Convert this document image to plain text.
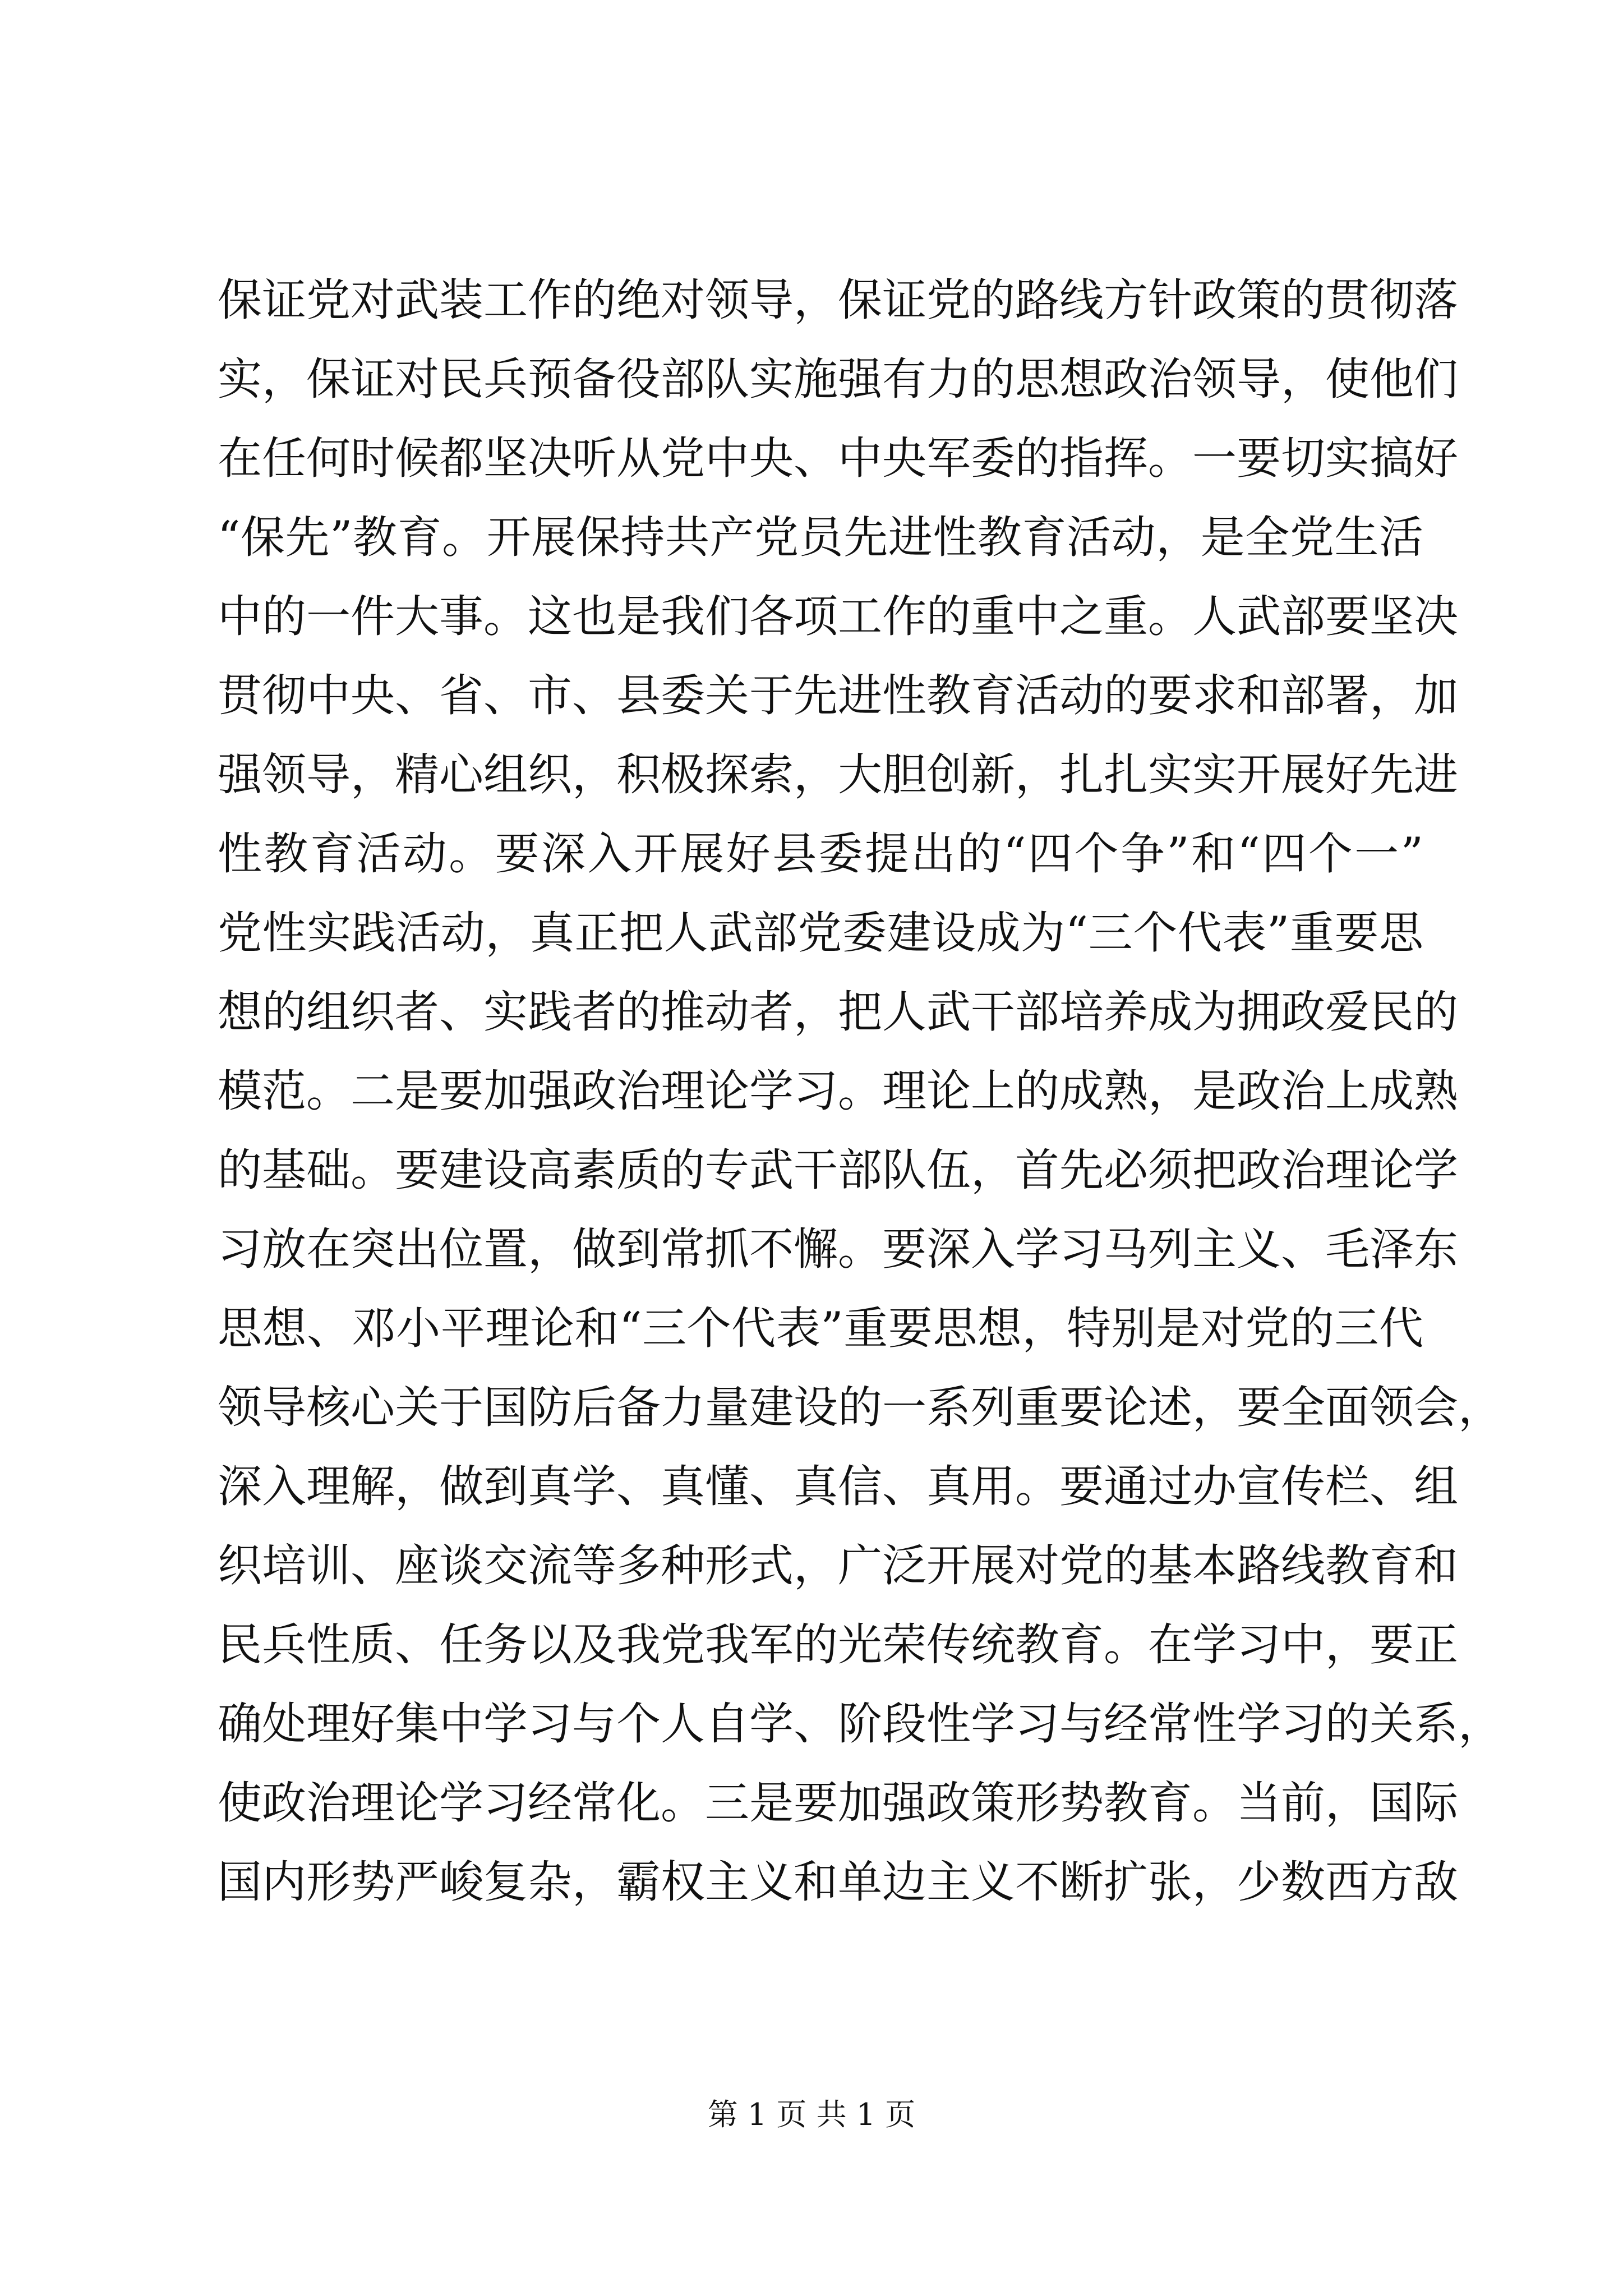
保证党对武装工作的绝对领导，保证党的路线方针政策的贯彻落
实，保证对民兵预备役部队实施强有力的思想政治领导，使他们
在任何时候都坚决听从党中央、中央军委的指挥。一要切实搞好
“保先”教育。开展保持共产党员先进性教育活动，是全党生活
中的一件大事。这也是我们各项工作的重中之重。人武部要坚决
贯彻中央、省、市、县委关于先进性教育活动的要求和部署，加
强领导，精心组织，积极探索，大胆创新，扎扎实实开展好先进
性教育活动。要深入开展好县委提出的“四个争”和“四个一”
党性实践活动，真正把人武部党委建设成为“三个代表”重要思
想的组织者、实践者的推动者，把人武干部培养成为拥政爱民的
模范。二是要加强政治理论学习。理论上的成熟，是政治上成熟
的基础。要建设高素质的专武干部队伍，首先必须把政治理论学
习放在突出位置，做到常抓不懈。要深入学习马列主义、毛泽东
思想、邓小平理论和“三个代表”重要思想，特别是对党的三代
领导核心关于国防后备力量建设的一系列重要论述，要全面领会，
深入理解，做到真学、真懂、真信、真用。要通过办宣传栏、组
织培训、座谈交流等多种形式，广泛开展对党的基本路线教育和
民兵性质、任务以及我党我军的光荣传统教育。在学习中，要正
确处理好集中学习与个人自学、阶段性学习与经常性学习的关系，
使政治理论学习经常化。三是要加强政策形势教育。当前，国际
国内形势严峻复杂，霸权主义和单边主义不断扩张，少数西方敌
第 1 页 共 1 页
